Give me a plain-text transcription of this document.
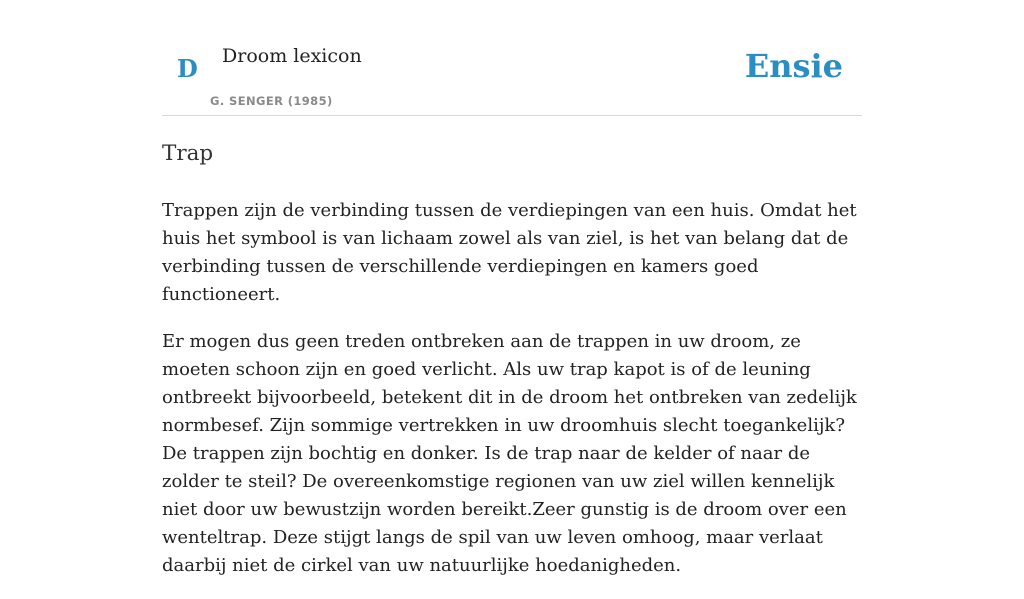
D Droom lexicon
G. SENGER (1985)
Ensie
Trap

Trappen zijn de verbinding tussen de verdiepingen van een huis. Omdat het huis het symbool is van lichaam zowel als van ziel, is het van belang dat de verbinding tussen de verschillende verdiepingen en kamers goed functioneert.

Er mogen dus geen treden ontbreken aan de trappen in uw droom, ze moeten schoon zijn en goed verlicht. Als uw trap kapot is of de leuning ontbreekt bijvoorbeeld, betekent dit in de droom het ontbreken van zedelijk normbesef. Zijn sommige vertrekken in uw droomhuis slecht toegankelijk? De trappen zijn bochtig en donker. Is de trap naar de kelder of naar de zolder te steil? De overeenkomstige regionen van uw ziel willen kennelijk niet door uw bewustzijn worden bereikt.Zeer gunstig is de droom over een wenteltrap. Deze stijgt langs de spil van uw leven omhoog, maar verlaat daarbij niet de cirkel van uw natuurlijke hoedanigheden.
